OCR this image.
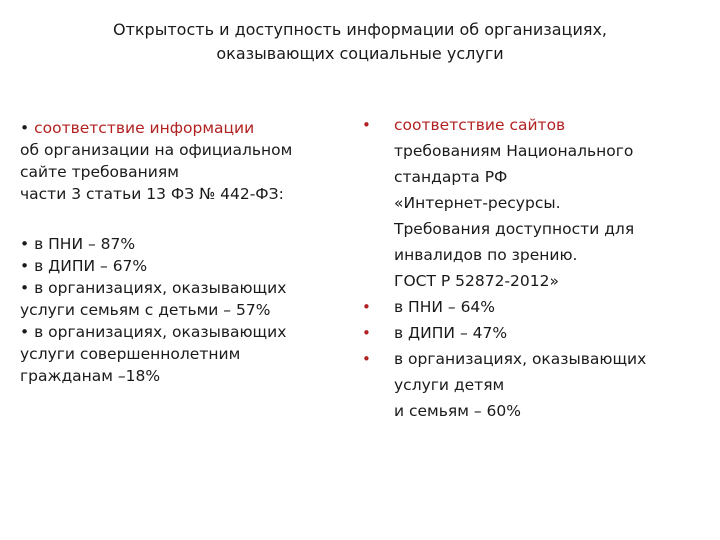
Открытость и доступность информации об организациях,
оказывающих социальные услуги
• соответствие информации
об организации на официальном
сайте требованиям
части 3 статьи 13 ФЗ № 442-ФЗ:
• в ПНИ – 87%
• в ДИПИ – 67%
• в организациях, оказывающих
услуги семьям с детьми – 57%
• в организациях, оказывающих
услуги совершеннолетним
гражданам –18%
•	соответствие сайтов
требованиям Национального
стандарта РФ
«Интернет-ресурсы.
Требования доступности для
инвалидов по зрению.
ГОСТ Р 52872-2012»
•	в ПНИ – 64%
•	в ДИПИ – 47%
•	в организациях, оказывающих
услуги детям
и семьям – 60%
